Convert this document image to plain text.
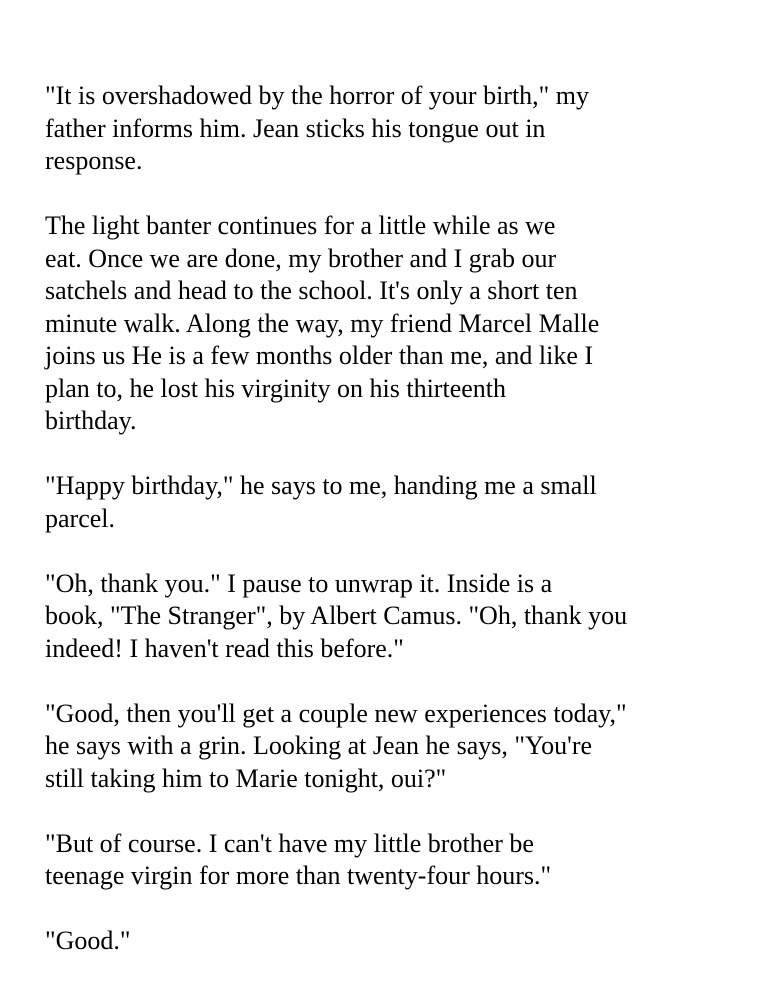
"It is overshadowed by the horror of your birth," my
father informs him. Jean sticks his tongue out in
response.

The light banter continues for a little while as we
eat. Once we are done, my brother and I grab our
satchels and head to the school. It's only a short ten
minute walk. Along the way, my friend Marcel Malle
joins us He is a few months older than me, and like I
plan to, he lost his virginity on his thirteenth
birthday.

"Happy birthday," he says to me, handing me a small
parcel.

"Oh, thank you." I pause to unwrap it. Inside is a
book, "The Stranger", by Albert Camus. "Oh, thank you
indeed! I haven't read this before."

"Good, then you'll get a couple new experiences today,"
he says with a grin. Looking at Jean he says, "You're
still taking him to Marie tonight, oui?"

"But of course. I can't have my little brother be
teenage virgin for more than twenty-four hours."

"Good."
